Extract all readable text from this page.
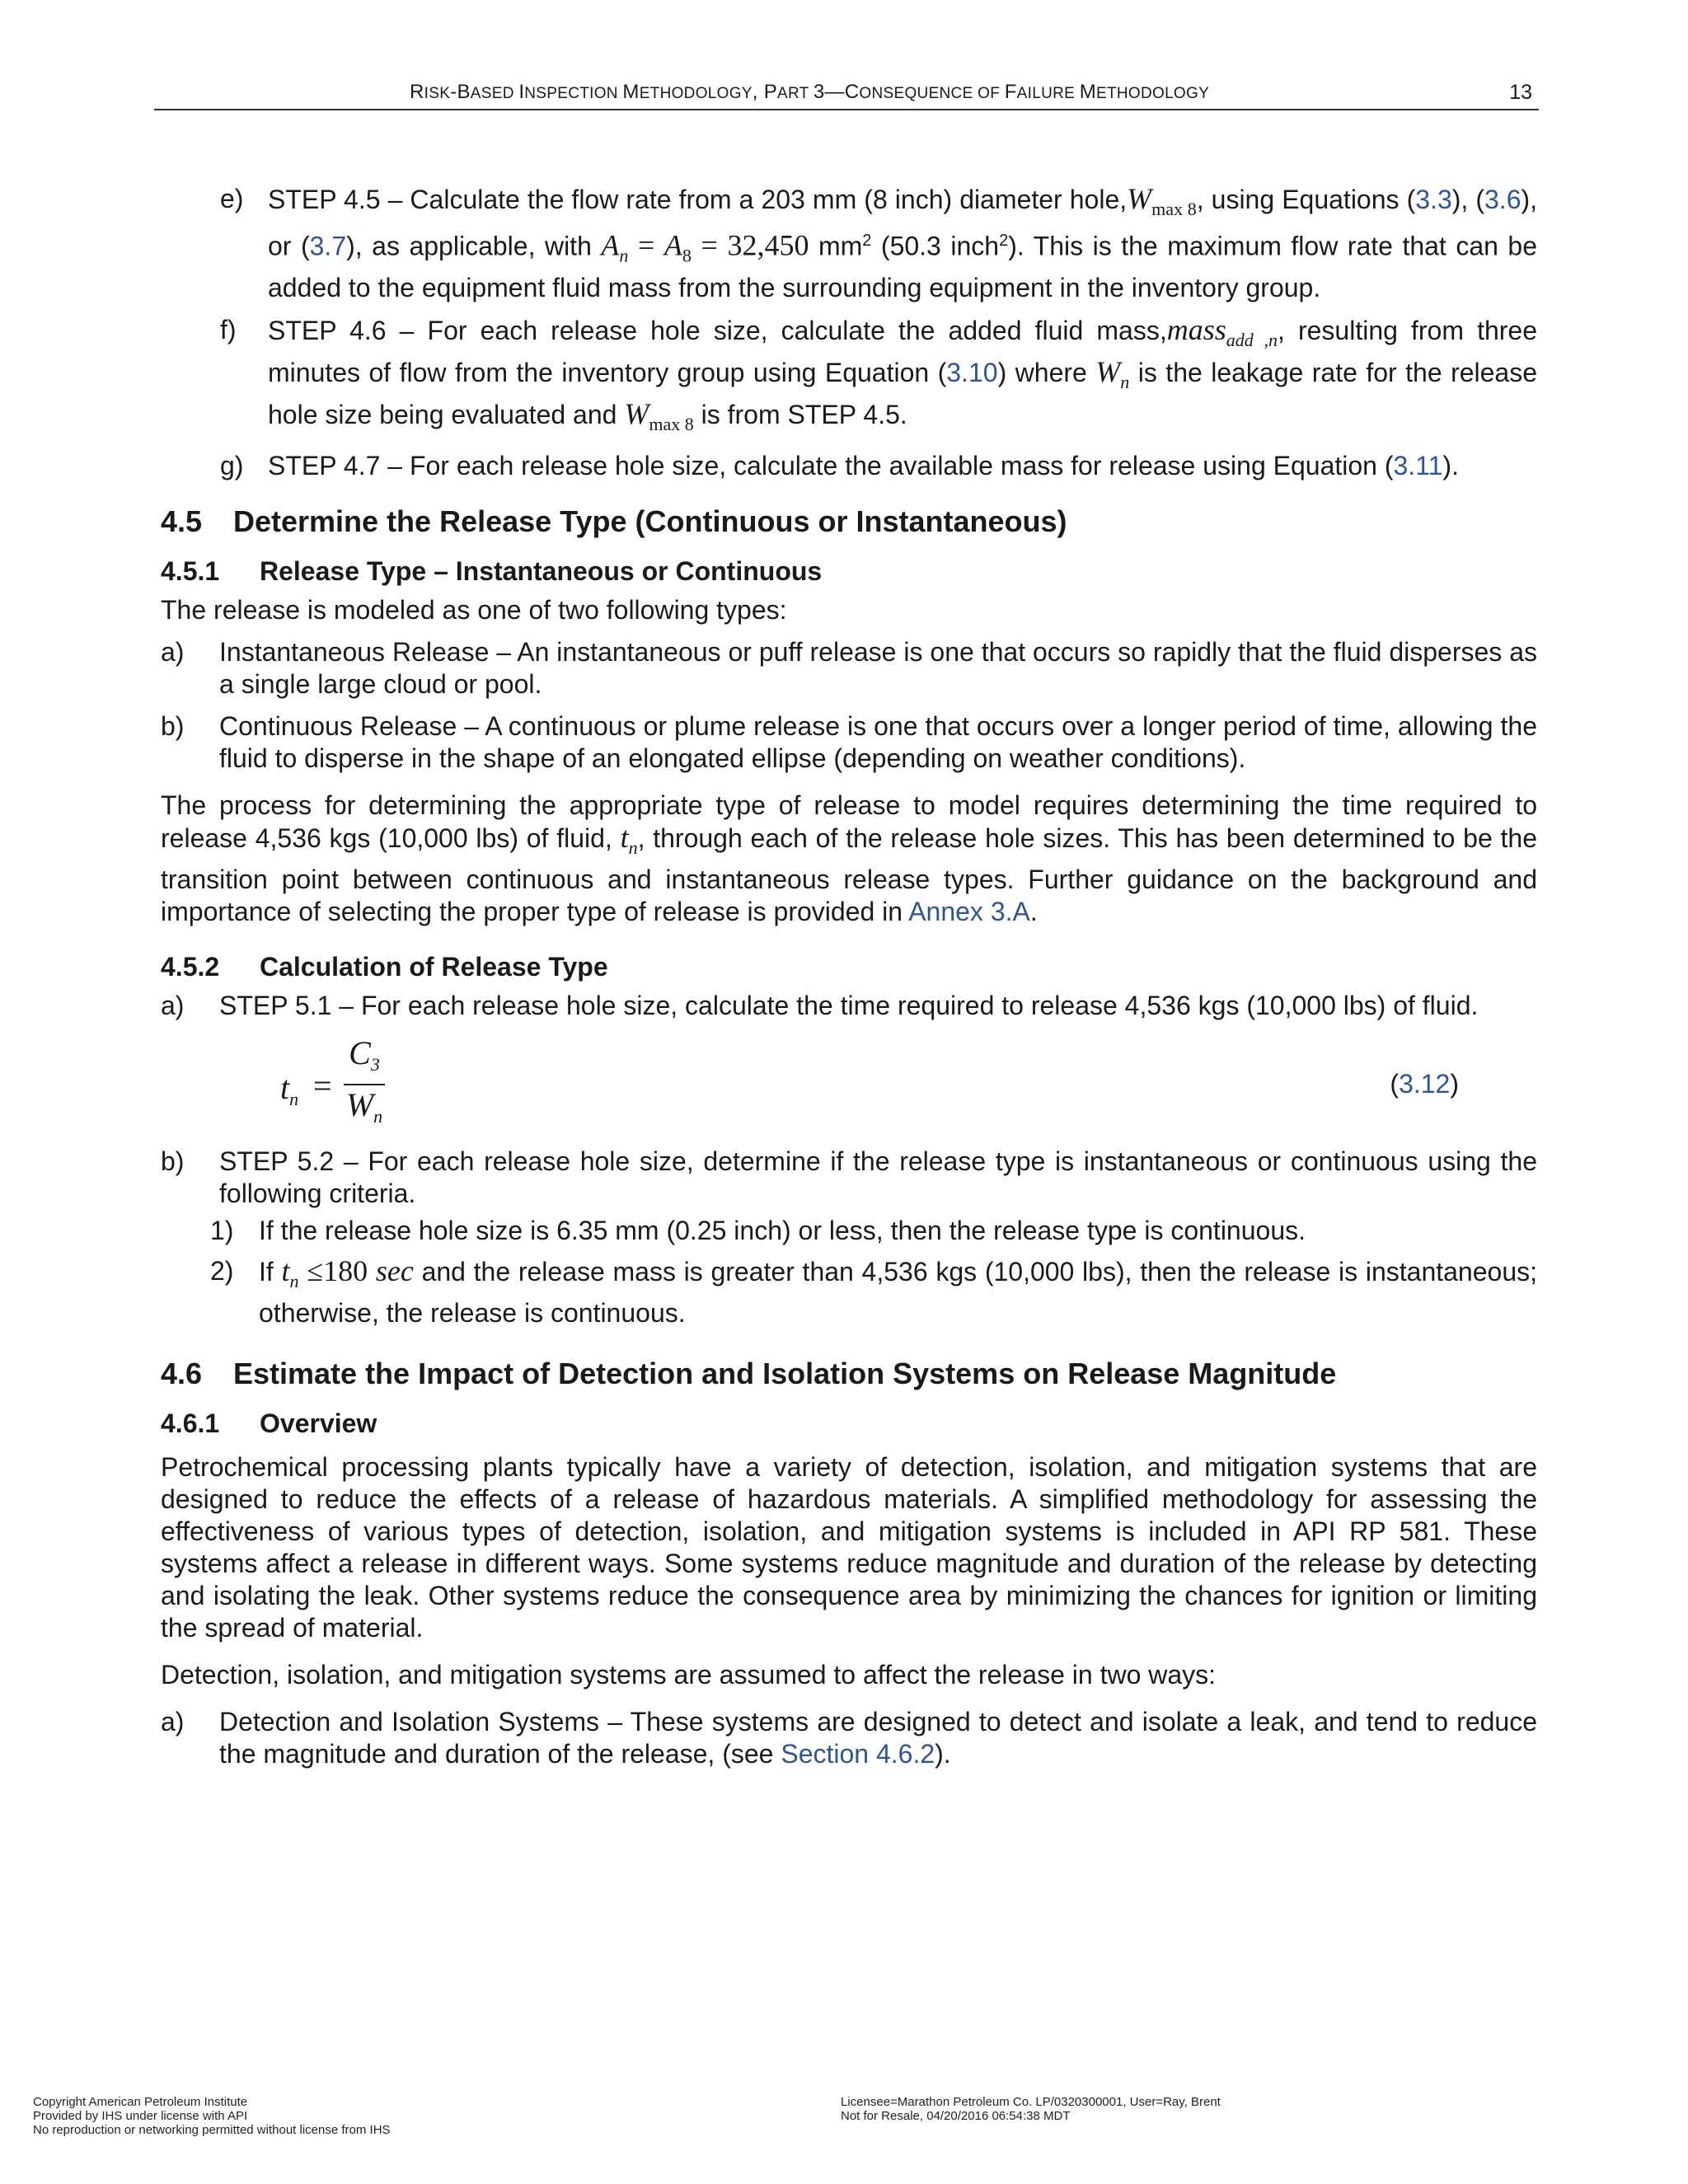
RISK-BASED INSPECTION METHODOLOGY, PART 3—CONSEQUENCE OF FAILURE METHODOLOGY	13
e) STEP 4.5 – Calculate the flow rate from a 203 mm (8 inch) diameter $hole,W_{max 8}$, using Equations (3.3), (3.6), or (3.7), as applicable, with $A_n = A_8 = 32,450$ $mm^2$ (50.3 inch$^2$). This is the maximum flow rate that can be added to the equipment fluid mass from the surrounding equipment in the inventory group.
f) STEP 4.6 – For each release hole size, calculate the added fluid mass,mass$_{add ,n}$, resulting from three minutes of flow from the inventory group using Equation (3.10) where $W_n$ is the leakage rate for the release hole size being evaluated and $W_{max 8}$ is from STEP 4.5.
g) STEP 4.7 – For each release hole size, calculate the available mass for release using Equation (3.11).
4.5	Determine the Release Type (Continuous or Instantaneous)
4.5.1	Release Type – Instantaneous or Continuous

The release is modeled as one of two following types:

a) Instantaneous Release – An instantaneous or puff release is one that occurs so rapidly that the fluid disperses as a single large cloud or pool.
b) Continuous Release – A continuous or plume release is one that occurs over a longer period of time, allowing the fluid to disperse in the shape of an elongated ellipse (depending on weather conditions).

The process for determining the appropriate type of release to model requires determining the time required to release 4,536 kgs (10,000 lbs) of fluid, $t_n$, through each of the release hole sizes. This has been determined to be the transition point between continuous and instantaneous release types. Further guidance on the background and importance of selecting the proper type of release is provided in Annex 3.A.

4.5.2	Calculation of Release Type
a) STEP 5.1 – For each release hole size, calculate the time required to release 4,536 kgs (10,000 lbs) of fluid.
$t_n$ =
$C_3$
$W_n$
(3.12)
b) STEP 5.2 – For each release hole size, determine if the release type is instantaneous or continuous using the following criteria.
1) If the release hole size is 6.35 mm (0.25 inch) or less, then the release type is continuous.
2) If $t_n \le 180$ sec and the release mass is greater than 4,536 kgs (10,000 lbs), then the release is instantaneous; otherwise, the release is continuous.
4.6	Estimate the Impact of Detection and Isolation Systems on Release Magnitude
4.6.1	Overview

Petrochemical processing plants typically have a variety of detection, isolation, and mitigation systems that are designed to reduce the effects of a release of hazardous materials. A simplified methodology for assessing the effectiveness of various types of detection, isolation, and mitigation systems is included in API RP 581. These systems affect a release in different ways. Some systems reduce magnitude and duration of the release by detecting and isolating the leak. Other systems reduce the consequence area by minimizing the chances for ignition or limiting the spread of material.

Detection, isolation, and mitigation systems are assumed to affect the release in two ways:

a) Detection and Isolation Systems – These systems are designed to detect and isolate a leak, and tend to reduce the magnitude and duration of the release, (see Section 4.6.2).
Copyright American Petroleum Institute
Provided by IHS under license with API
No reproduction or networking permitted without license from IHS
Licensee=Marathon Petroleum Co. LP/0320300001, User=Ray, Brent
Not for Resale, 04/20/2016 06:54:38 MDT
